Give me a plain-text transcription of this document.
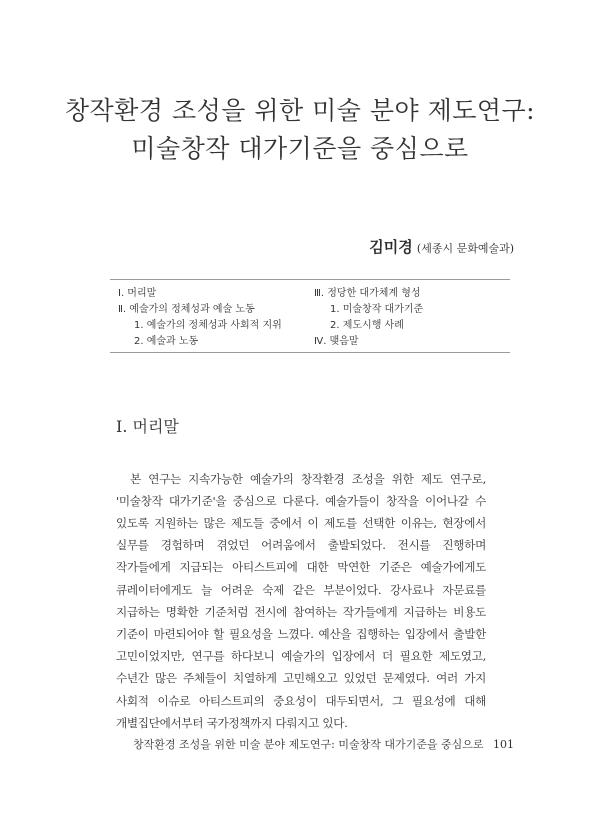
창작환경 조성을 위한 미술 분야 제도연구:
미술창작 대가기준을 중심으로
김미경 (세종시 문화예술과)
Ⅰ. 머리말
Ⅱ. 예술가의 정체성과 예술 노동
1. 예술가의 정체성과 사회적 지위
2. 예술과 노동
Ⅲ. 정당한 대가체계 형성
1. 미술창작 대가기준
2. 제도시행 사례
Ⅳ. 맺음말
Ⅰ. 머리말

본 연구는 지속가능한 예술가의 창작환경 조성을 위한 제도 연구로, '미술창작 대가기준'을 중심으로 다룬다. 예술가들이 창작을 이어나갈 수 있도록 지원하는 많은 제도들 중에서 이 제도를 선택한 이유는, 현장에서 실무를 경험하며 겪었던 어려움에서 출발되었다. 전시를 진행하며 작가들에게 지급되는 아티스트피에 대한 막연한 기준은 예술가에게도 큐레이터에게도 늘 어려운 숙제 같은 부분이었다. 강사료나 자문료를 지급하는 명확한 기준처럼 전시에 참여하는 작가들에게 지급하는 비용도 기준이 마련되어야 할 필요성을 느꼈다. 예산을 집행하는 입장에서 출발한 고민이었지만, 연구를 하다보니 예술가의 입장에서 더 필요한 제도였고, 수년간 많은 주체들이 치열하게 고민해오고 있었던 문제였다. 여러 가지 사회적 이슈로 아티스트피의 중요성이 대두되면서, 그 필요성에 대해 개별집단에서부터 국가정책까지 다뤄지고 있다.

창작환경 조성을 위한 미술 분야 제도연구: 미술창작 대가기준을 중심으로 101
